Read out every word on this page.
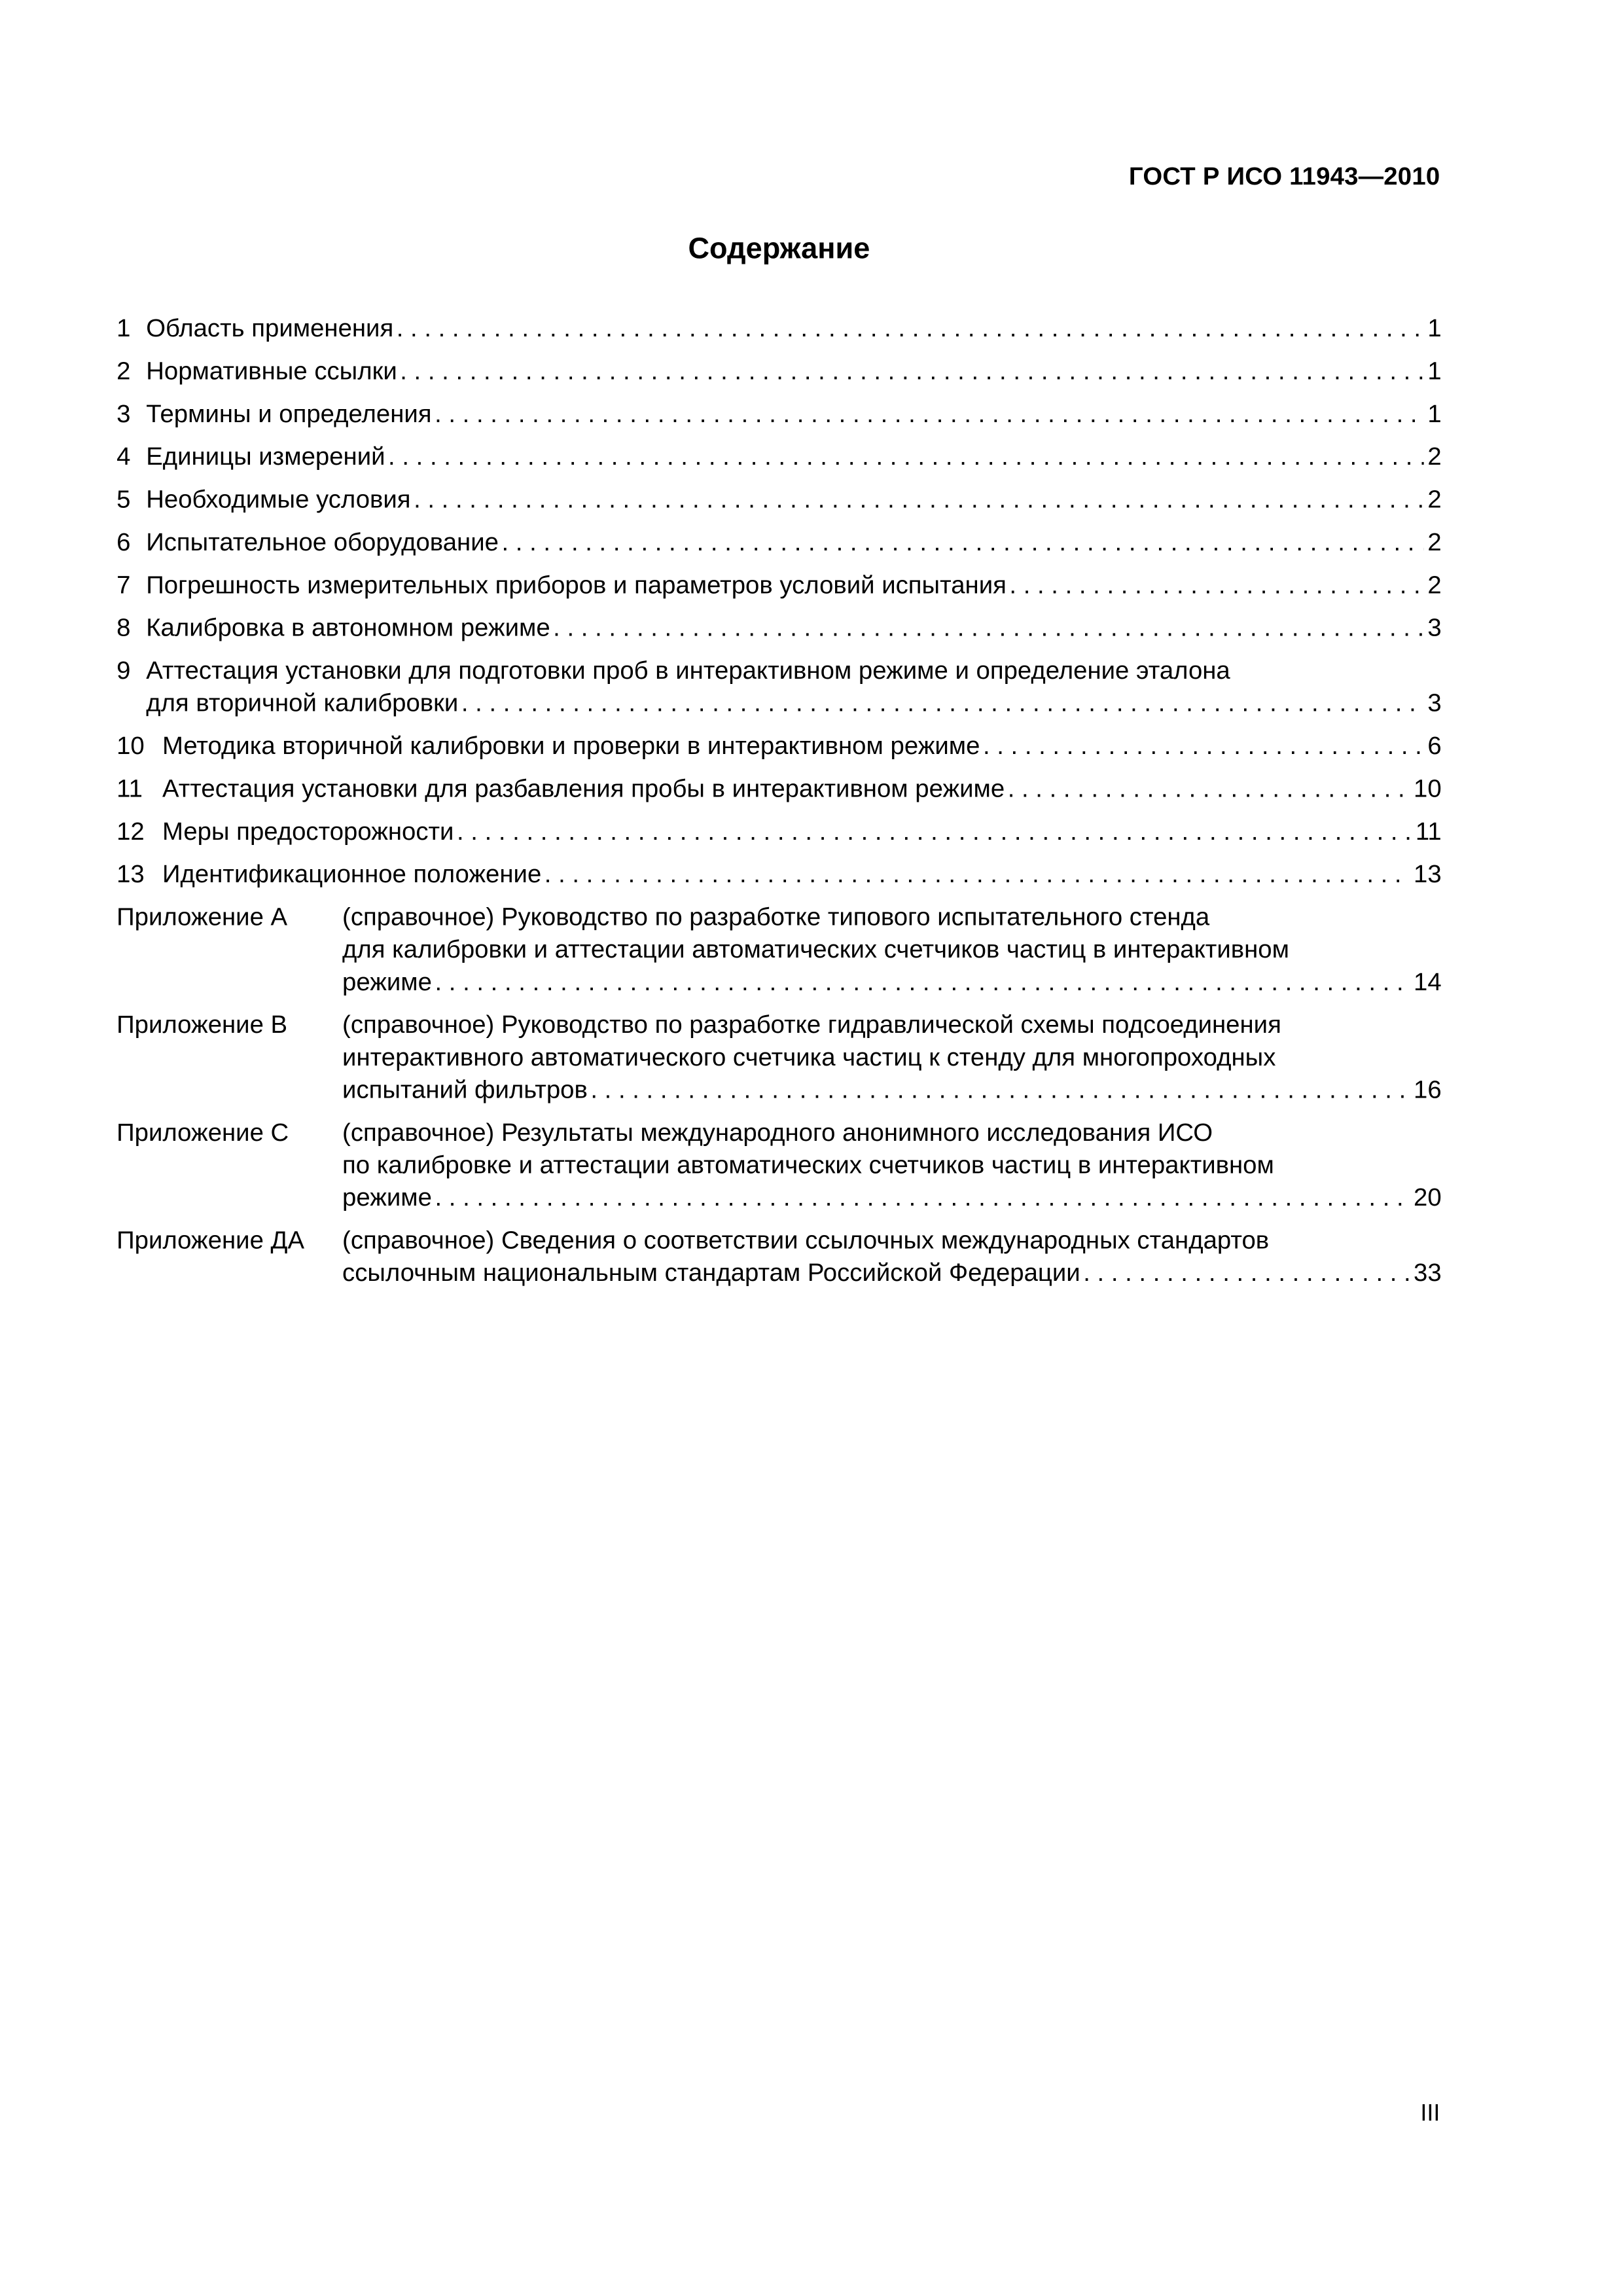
ГОСТ Р ИСО 11943—2010
Содержание
1	Область применения . . .	1
2	Нормативные ссылки . . .	1
3	Термины и определения . . .	1
4	Единицы измерений . . .	2
5	Необходимые условия . . .	2
6	Испытательное оборудование . . .	2
7	Погрешность измерительных приборов и параметров условий испытания . . .	2
8	Калибровка в автономном режиме . . .	3
9	Аттестация установки для подготовки проб в интерактивном режиме и определение эталона
для вторичной калибровки . . .	3
10	Методика вторичной калибровки и проверки в интерактивном режиме . . .	6
11	Аттестация установки для разбавления пробы в интерактивном режиме . . .	10
12	Меры предосторожности . . .	11
13	Идентификационное положение . . .	13
Приложение А	(справочное) Руководство по разработке типового испытательного стенда
для калибровки и аттестации автоматических счетчиков частиц в интерактивном
режиме . . .	14
Приложение В	(справочное) Руководство по разработке гидравлической схемы подсоединения
интерактивного автоматического счетчика частиц к стенду для многопроходных
испытаний фильтров . . .	16
Приложение С	(справочное) Результаты международного анонимного исследования ИСО
по калибровке и аттестации автоматических счетчиков частиц в интерактивном
режиме . . .	20
Приложение ДА	(справочное) Сведения о соответствии ссылочных международных стандартов
ссылочным национальным стандартам Российской Федерации . . .	33
III
